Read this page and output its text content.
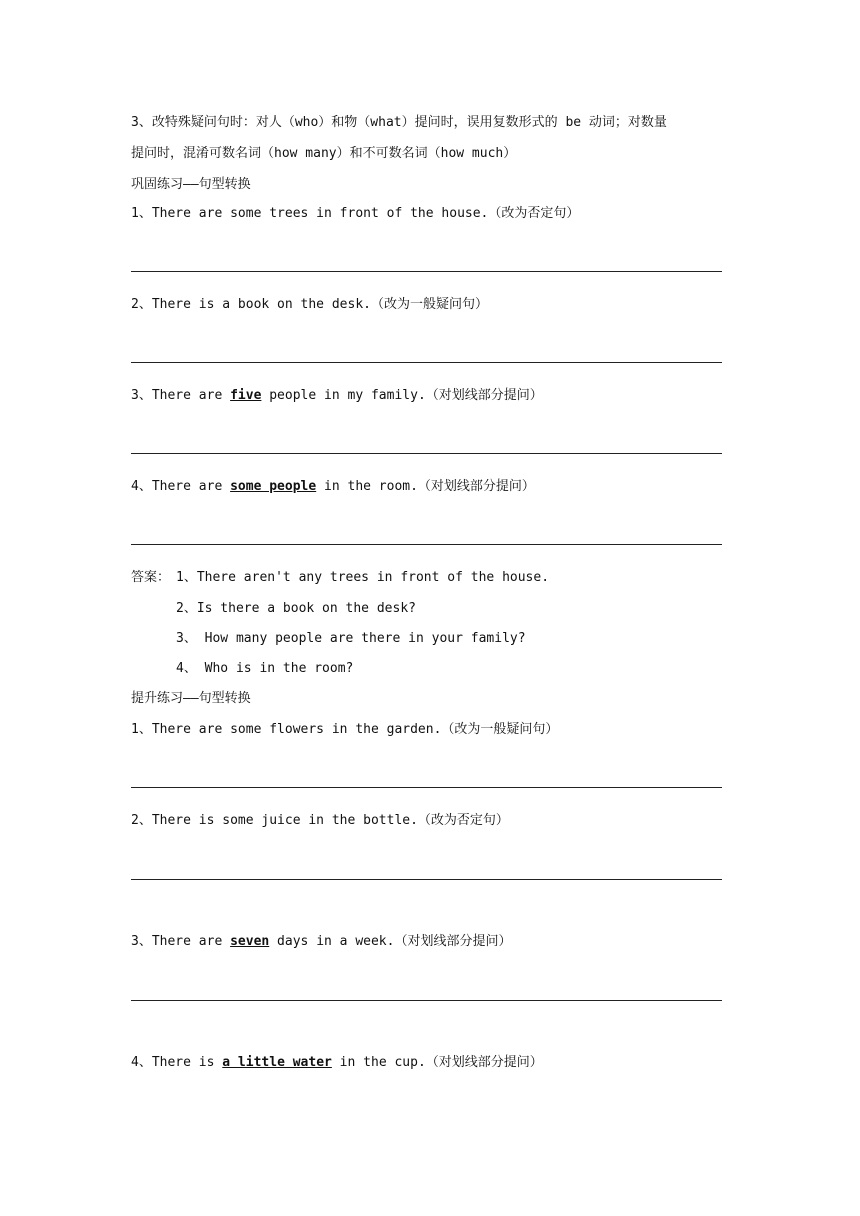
3、改特殊疑问句时：对人（who）和物（what）提问时，误用复数形式的 be 动词；对数量
提问时，混淆可数名词（how many）和不可数名词（how much）
巩固练习——句型转换
1、There are some trees in front of the house.（改为否定句）
2、There is a book on the desk.（改为一般疑问句）
3、There are five people in my family.（对划线部分提问）
4、There are some people in the room.（对划线部分提问）
答案： 1、There aren't any trees in front of the house.
2、Is there a book on the desk?
3、 How many people are there in your family?
4、 Who is in the room?
提升练习——句型转换
1、There are some flowers in the garden.（改为一般疑问句）
2、There is some juice in the bottle.（改为否定句）
3、There are seven days in a week.（对划线部分提问）
4、There is a little water in the cup.（对划线部分提问）
